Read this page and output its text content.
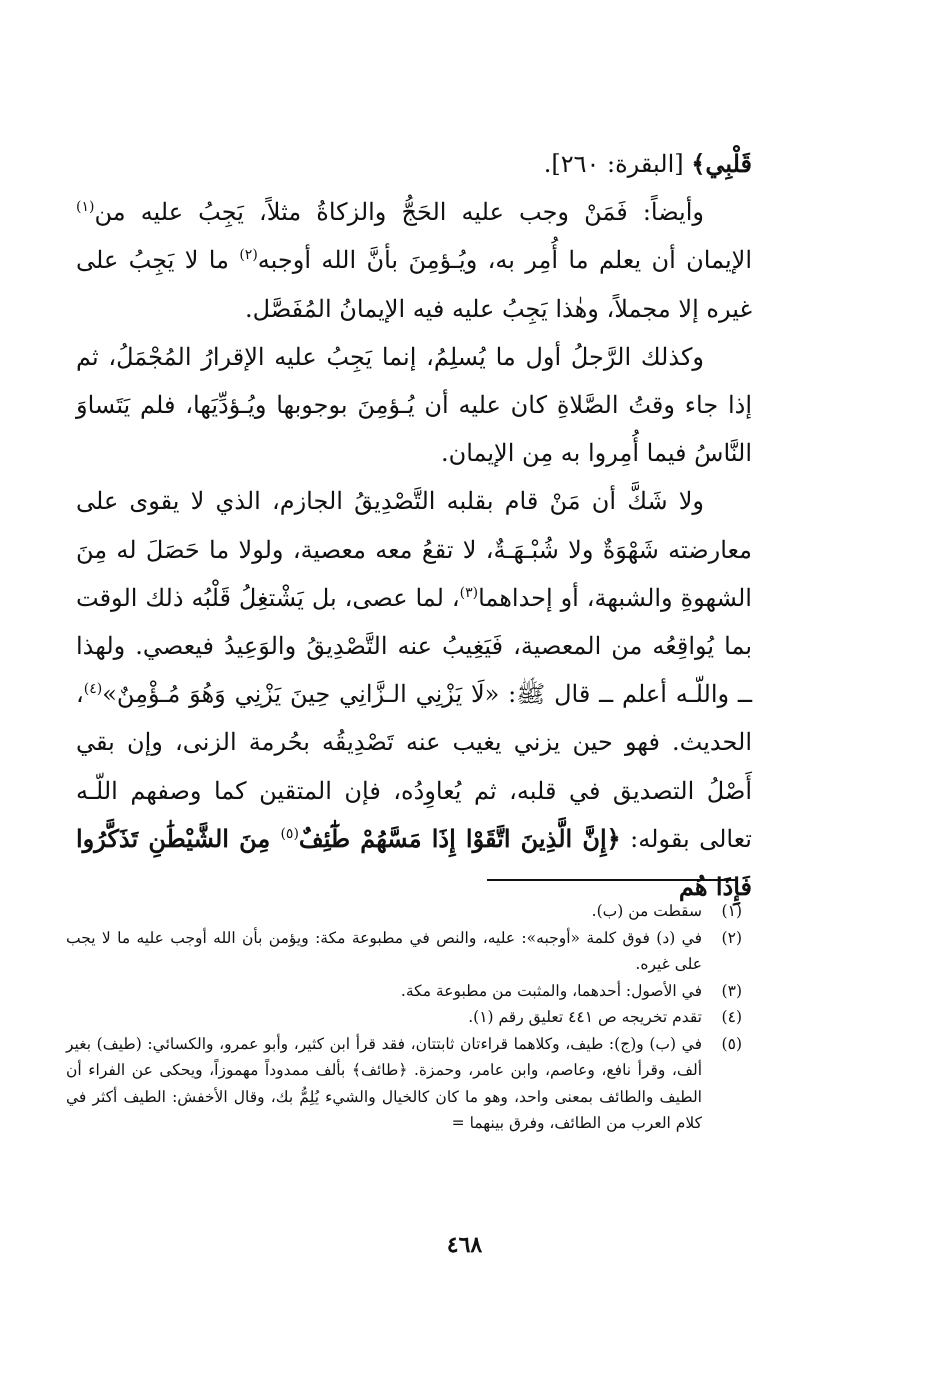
قَلْبِي﴾ [البقرة: ٢٦٠].

وأيضاً: فَمَنْ وجب عليه الحَجُّ والزكاةُ مثلاً، يَجِبُ عليه من$^{(١)}$ الإيمان أن يعلم ما أُمِر به، ويُـؤمِنَ بأنَّ الله أوجبه$^{(٢)}$ ما لا يَجِبُ على غيره إلا مجملاً، وهٰذا يَجِبُ عليه فيه الإيمانُ المُفَصَّل.

وكذلك الرَّجلُ أول ما يُسلِمُ، إنما يَجِبُ عليه الإقرارُ المُجْمَلُ، ثم إذا جاء وقتُ الصَّلاةِ كان عليه أن يُـؤمِنَ بوجوبها ويُـؤدِّيَها، فلم يَتَساوَ النَّاسُ فيما أُمِروا به مِن الإيمان.

ولا شَكَّ أن مَنْ قام بقلبه التَّصْدِيقُ الجازم، الذي لا يقوى على معارضته شَهْوَةٌ ولا شُبْـهَـةٌ، لا تقعُ معه معصية، ولولا ما حَصَلَ له مِنَ الشهوةِ والشبهة، أو إحداهما$^{(٣)}$، لما عصى، بل يَشْتغِلُ قَلْبُه ذلك الوقت بما يُواقِعُه من المعصية، فَيَغِيبُ عنه التَّصْدِيقُ والوَعِيدُ فيعصي. ولهذا ــ واللّـه أعلم ــ قال ﷺ: «لَا يَزْنِي الـزَّانِي حِينَ يَزْنِي وَهُوَ مُـؤْمِنٌ»$^{(٤)}$، الحديث. فهو حين يزني يغيب عنه تَصْدِيقُه بحُرمة الزنى، وإن بقي أَصْلُ التصديق في قلبه، ثم يُعاوِدُه، فإن المتقين كما وصفهم اللّـه تعالى بقوله: ﴿إِنَّ الَّذِينَ اتَّقَوْا إِذَا مَسَّهُمْ طَٰٓئِفٌ$^{(٥)}$ مِنَ الشَّيْطَٰنِ تَذَكَّرُوا فَإِذَا هُم

(١)
سقطت من (ب).
(٢)
في (د) فوق كلمة «أوجبه»: عليه، والنص في مطبوعة مكة: ويؤمن بأن الله أوجب عليه ما لا يجب على غيره.
(٣)
في الأصول: أحدهما، والمثبت من مطبوعة مكة.
(٤)
تقدم تخريجه ص ٤٤١ تعليق رقم (١).
(٥)
في (ب) و(ج): طيف، وكلاهما قراءتان ثابتتان، فقد قرأ ابن كثير، وأبو عمرو، والكسائي: (طيف) بغير ألف، وقرأ نافع، وعاصم، وابن عامر، وحمزة. ﴿طائف﴾ بألف ممدوداً مهموزاً، ويحكى عن الفراء أن الطيف والطائف بمعنى واحد، وهو ما كان كالخيال والشيء يُلِمُّ بك، وقال الأخفش: الطيف أكثر في كلام العرب من الطائف، وفرق بينهما =
٤٦٨
